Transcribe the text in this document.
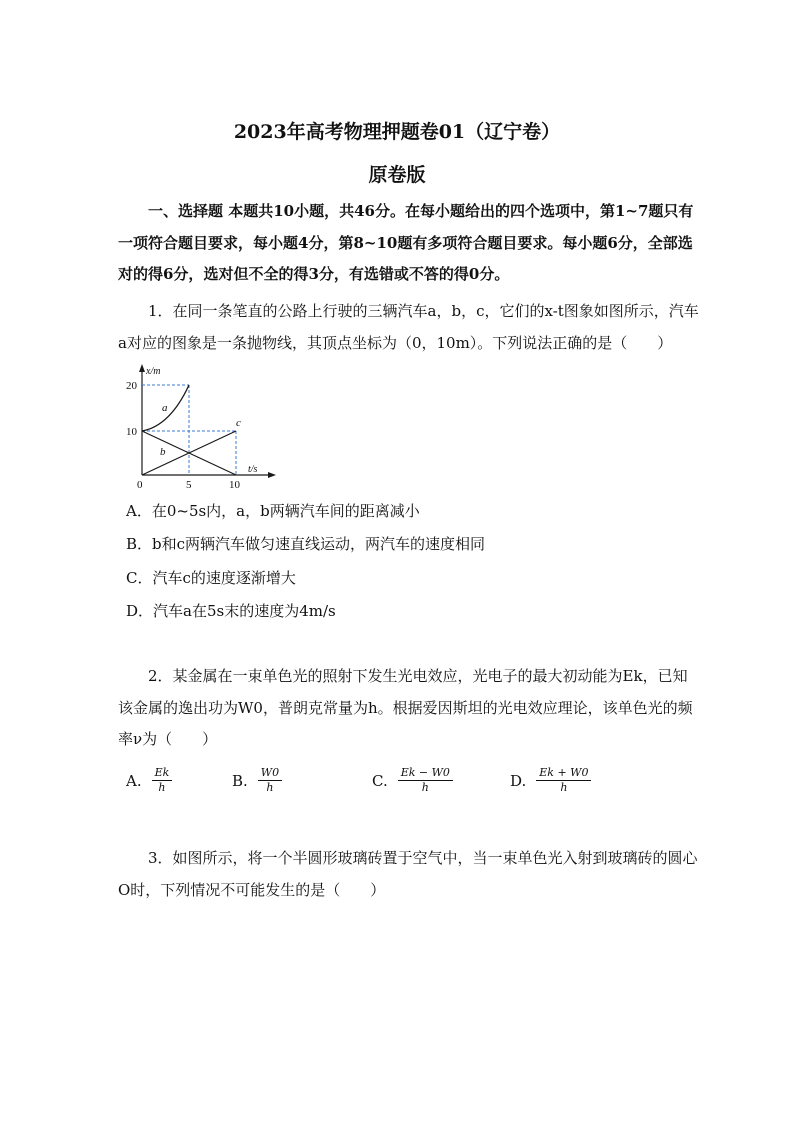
2023年高考物理押题卷01（辽宁卷）
原卷版
一、选择题 本题共10小题，共46分。在每小题给出的四个选项中，第1~7题只有一项符合题目要求，每小题4分，第8~10题有多项符合题目要求。每小题6分，全部选对的得6分，选对但不全的得3分，有选错或不答的得0分。
1．在同一条笔直的公路上行驶的三辆汽车a，b，c，它们的x-t图象如图所示，汽车a对应的图象是一条抛物线，其顶点坐标为（0，10m）。下列说法正确的是（　　）
x/m
20
10
0	5	10
t/s
a
b
c
A．在0~5s内，a，b两辆汽车间的距离减小
B．b和c两辆汽车做匀速直线运动，两汽车的速度相同
C．汽车c的速度逐渐增大
D．汽车a在5s末的速度为4m/s
2．某金属在一束单色光的照射下发生光电效应，光电子的最大初动能为Ek，已知该金属的逸出功为W0，普朗克常量为h。根据爱因斯坦的光电效应理论，该单色光的频率ν为（　　）
A. $\frac{Ek}{h}$	B. $\frac{W0}{h}$	C. $\frac{Ek - W0}{h}$	D. $\frac{Ek + W0}{h}$
3．如图所示，将一个半圆形玻璃砖置于空气中，当一束单色光入射到玻璃砖的圆心O时，下列情况不可能发生的是（　　）
